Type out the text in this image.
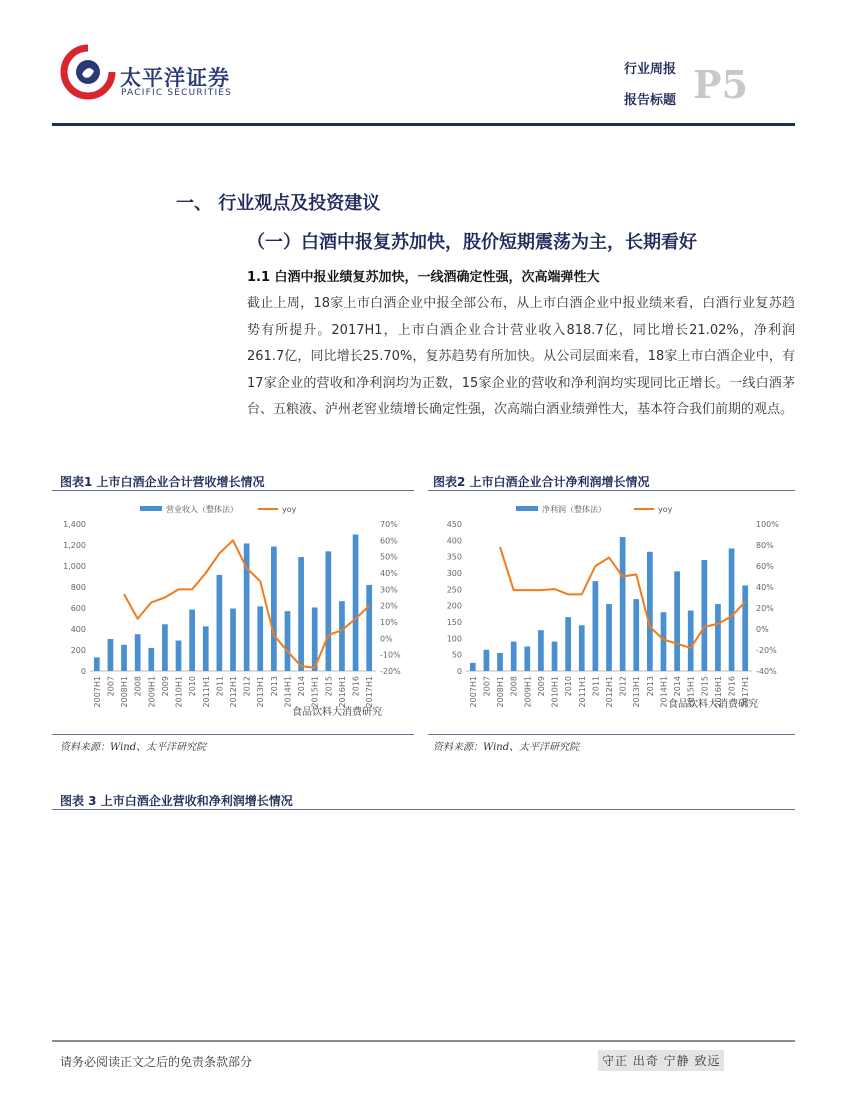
太平洋证券
PACIFIC SECURITIES
行业周报
报告标题 P5
一、 行业观点及投资建议
（一）白酒中报复苏加快，股价短期震荡为主，长期看好
1.1 白酒中报业绩复苏加快，一线酒确定性强，次高端弹性大
截止上周，18家上市白酒企业中报全部公布，从上市白酒企业中报业绩来看，白酒行业复苏趋势有所提升。2017H1，上市白酒企业合计营业收入818.7亿，同比增长21.02%，净利润261.7亿，同比增长25.70%，复苏趋势有所加快。从公司层面来看，18家上市白酒企业中，有17家企业的营收和净利润均为正数，15家企业的营收和净利润均实现同比正增长。一线白酒茅台、五粮液、泸州老窖业绩增长确定性强，次高端白酒业绩弹性大，基本符合我们前期的观点。
图表1 上市白酒企业合计营收增长情况
营业收入（整体法）	yoy
0
200
400
600
800
1,000
1,200
1,400
-20%
-10%
0%
10%
20%
30%
40%
50%
60%
70%
2007H1 2007 2008H1 2008 2009H1 2009 2010H1 2010 2011H1 2011 2012H1 2012 2013H1 2013 2014H1 2014 2015H1 2015 2016H1 2016 2017H1
食品饮料大消费研究
资料来源：Wind、太平洋研究院
图表2 上市白酒企业合计净利润增长情况
净利润（整体法）	yoy
0
50
100
150
200
250
300
350
400
450
-40%
-20%
0%
20%
40%
60%
80%
100%
2007H1 2007 2008H1 2008 2009H1 2009 2010H1 2010 2011H1 2011 2012H1 2012 2013H1 2013 2014H1 2014 2015H1 2015 2016H1 2016 2017H1
食品饮料大消费研究
资料来源：Wind、太平洋研究院
图表 3 上市白酒企业营收和净利润增长情况
请务必阅读正文之后的免责条款部分	守正 出奇 宁静 致远
